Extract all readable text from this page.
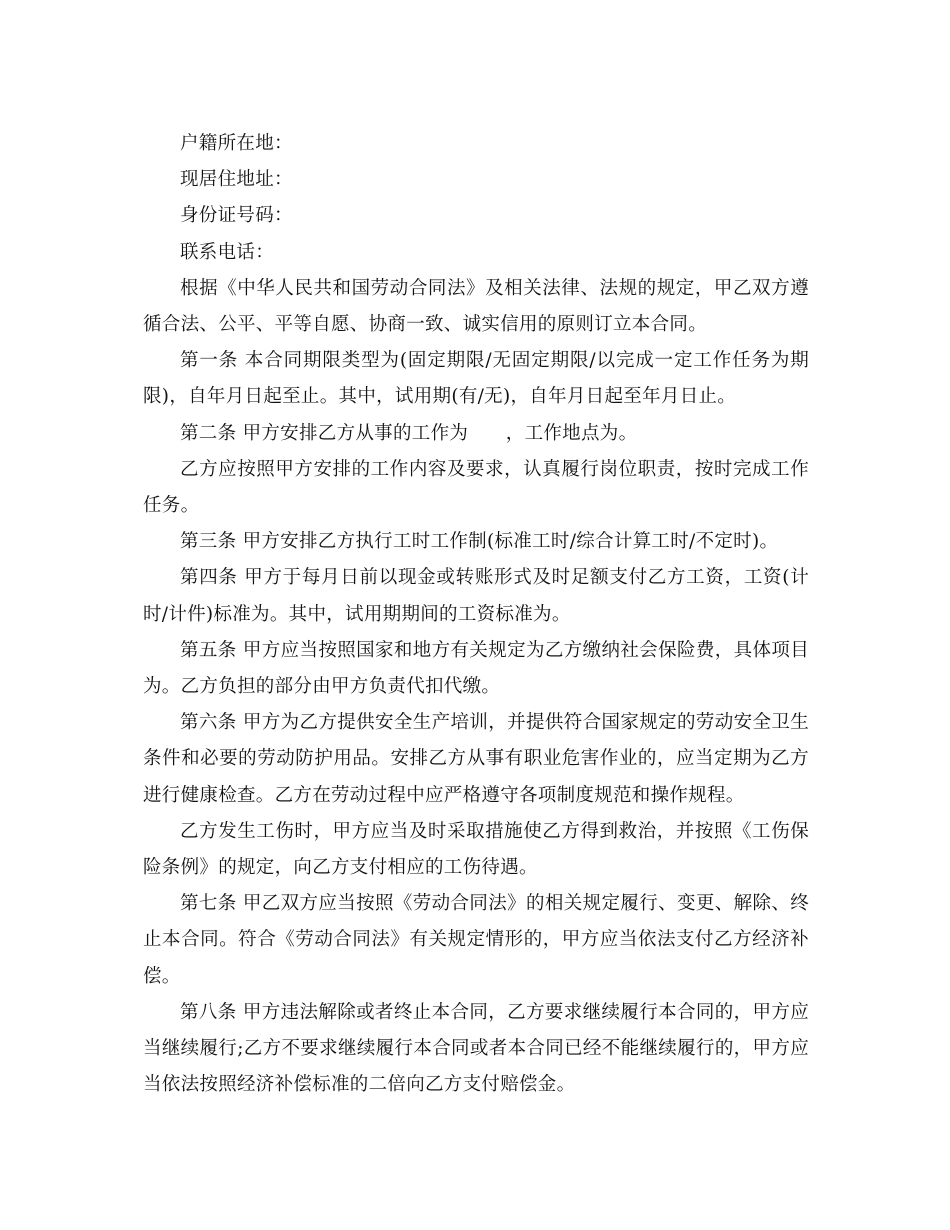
户籍所在地：

现居住地址：

身份证号码：

联系电话：

根据《中华人民共和国劳动合同法》及相关法律、法规的规定，甲乙双方遵循合法、公平、平等自愿、协商一致、诚实信用的原则订立本合同。

第一条 本合同期限类型为(固定期限/无固定期限/以完成一定工作任务为期限)，自年月日起至止。其中，试用期(有/无)，自年月日起至年月日止。

第二条 甲方安排乙方从事的工作为　　，工作地点为。

乙方应按照甲方安排的工作内容及要求，认真履行岗位职责，按时完成工作任务。

第三条 甲方安排乙方执行工时工作制(标准工时/综合计算工时/不定时)。

第四条 甲方于每月日前以现金或转账形式及时足额支付乙方工资，工资(计时/计件)标准为。其中，试用期期间的工资标准为。

第五条 甲方应当按照国家和地方有关规定为乙方缴纳社会保险费，具体项目为。乙方负担的部分由甲方负责代扣代缴。

第六条 甲方为乙方提供安全生产培训，并提供符合国家规定的劳动安全卫生条件和必要的劳动防护用品。安排乙方从事有职业危害作业的，应当定期为乙方进行健康检查。乙方在劳动过程中应严格遵守各项制度规范和操作规程。

乙方发生工伤时，甲方应当及时采取措施使乙方得到救治，并按照《工伤保险条例》的规定，向乙方支付相应的工伤待遇。

第七条 甲乙双方应当按照《劳动合同法》的相关规定履行、变更、解除、终止本合同。符合《劳动合同法》有关规定情形的，甲方应当依法支付乙方经济补偿。

第八条 甲方违法解除或者终止本合同，乙方要求继续履行本合同的，甲方应当继续履行;乙方不要求继续履行本合同或者本合同已经不能继续履行的，甲方应当依法按照经济补偿标准的二倍向乙方支付赔偿金。
